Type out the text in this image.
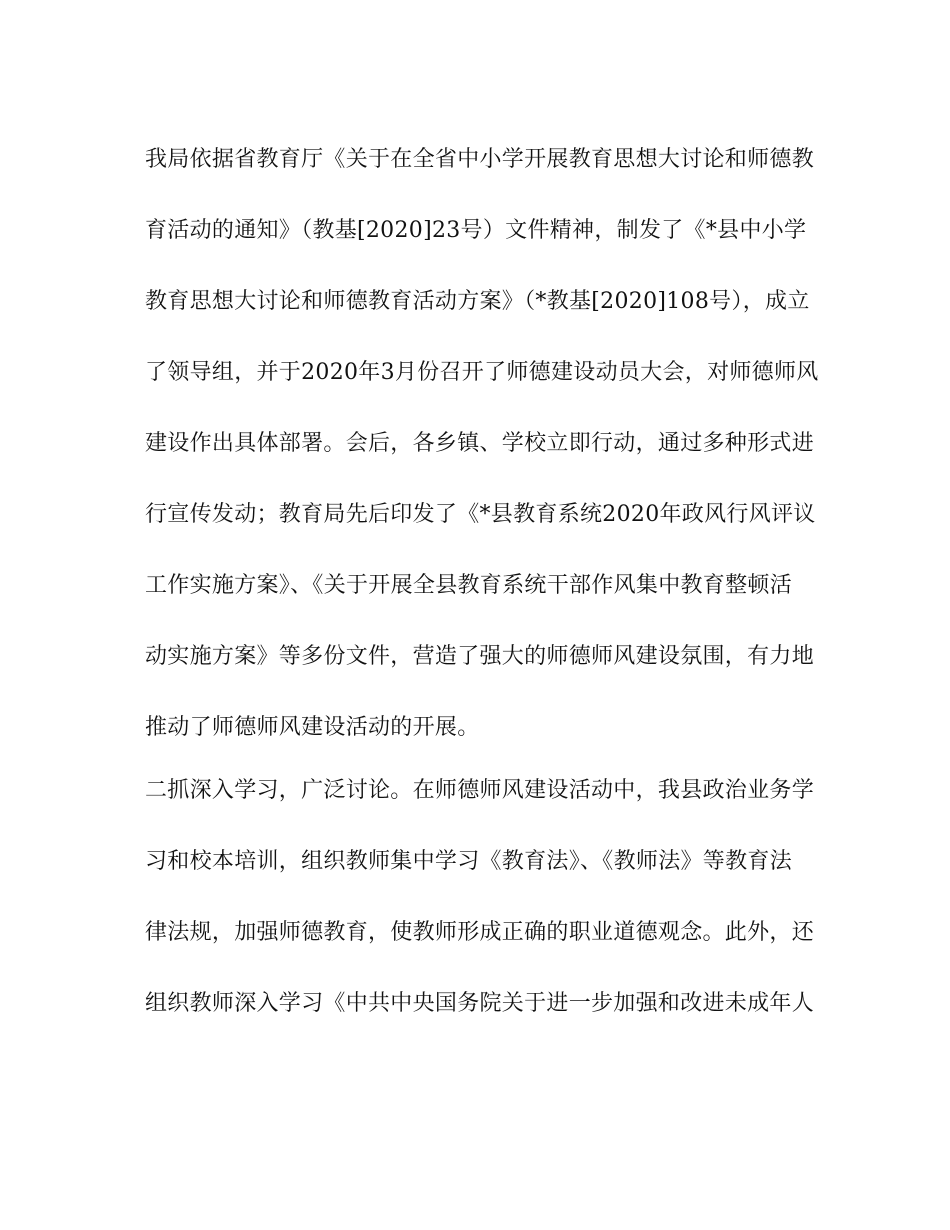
我局依据省教育厅《关于在全省中小学开展教育思想大讨论和师德教
育活动的通知》（教基[2020]23号）文件精神，制发了《*县中小学
教育思想大讨论和师德教育活动方案》（*教基[2020]108号），成立
了领导组，并于2020年3月份召开了师德建设动员大会，对师德师风
建设作出具体部署。会后，各乡镇、学校立即行动，通过多种形式进
行宣传发动；教育局先后印发了《*县教育系统2020年政风行风评议
工作实施方案》、《关于开展全县教育系统干部作风集中教育整顿活
动实施方案》等多份文件，营造了强大的师德师风建设氛围，有力地
推动了师德师风建设活动的开展。
二抓深入学习，广泛讨论。在师德师风建设活动中，我县政治业务学
习和校本培训，组织教师集中学习《教育法》、《教师法》等教育法
律法规，加强师德教育，使教师形成正确的职业道德观念。此外，还
组织教师深入学习《中共中央国务院关于进一步加强和改进未成年人
